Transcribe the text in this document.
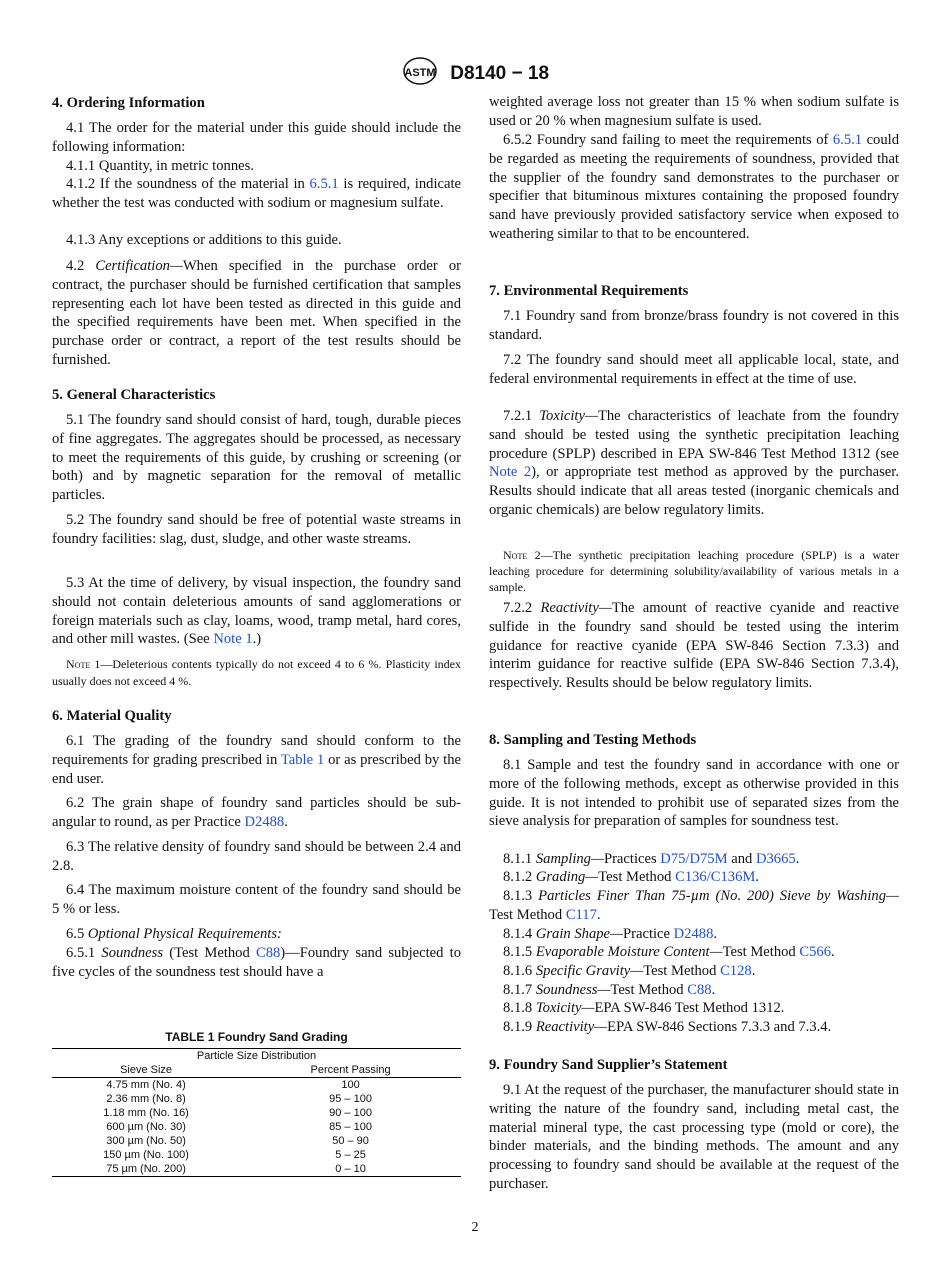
ASTM D8140 − 18

4. Ordering Information

4.1 The order for the material under this guide should include the following information:

4.1.1 Quantity, in metric tonnes.

4.1.2 If the soundness of the material in 6.5.1 is required, indicate whether the test was conducted with sodium or magnesium sulfate.

4.1.3 Any exceptions or additions to this guide.

4.2 Certification—When specified in the purchase order or contract, the purchaser should be furnished certification that samples representing each lot have been tested as directed in this guide and the specified requirements have been met. When specified in the purchase order or contract, a report of the test results should be furnished.

5. General Characteristics

5.1 The foundry sand should consist of hard, tough, durable pieces of fine aggregates. The aggregates should be processed, as necessary to meet the requirements of this guide, by crushing or screening (or both) and by magnetic separation for the removal of metallic particles.

5.2 The foundry sand should be free of potential waste streams in foundry facilities: slag, dust, sludge, and other waste streams.

5.3 At the time of delivery, by visual inspection, the foundry sand should not contain deleterious amounts of sand agglomerations or foreign materials such as clay, loams, wood, tramp metal, hard cores, and other mill wastes. (See Note 1.)

Note 1—Deleterious contents typically do not exceed 4 to 6 %. Plasticity index usually does not exceed 4 %.

6. Material Quality

6.1 The grading of the foundry sand should conform to the requirements for grading prescribed in Table 1 or as prescribed by the end user.

6.2 The grain shape of foundry sand particles should be sub-angular to round, as per Practice D2488.

6.3 The relative density of foundry sand should be between 2.4 and 2.8.

6.4 The maximum moisture content of the foundry sand should be 5 % or less.

6.5 Optional Physical Requirements:

6.5.1 Soundness (Test Method C88)—Foundry sand subjected to five cycles of the soundness test should have a

weighted average loss not greater than 15 % when sodium sulfate is used or 20 % when magnesium sulfate is used.

6.5.2 Foundry sand failing to meet the requirements of 6.5.1 could be regarded as meeting the requirements of soundness, provided that the supplier of the foundry sand demonstrates to the purchaser or specifier that bituminous mixtures containing the proposed foundry sand have previously provided satisfactory service when exposed to weathering similar to that to be encountered.

7. Environmental Requirements

7.1 Foundry sand from bronze/brass foundry is not covered in this standard.

7.2 The foundry sand should meet all applicable local, state, and federal environmental requirements in effect at the time of use.

7.2.1 Toxicity—The characteristics of leachate from the foundry sand should be tested using the synthetic precipitation leaching procedure (SPLP) described in EPA SW-846 Test Method 1312 (see Note 2), or appropriate test method as approved by the purchaser. Results should indicate that all areas tested (inorganic chemicals and organic chemicals) are below regulatory limits.

Note 2—The synthetic precipitation leaching procedure (SPLP) is a water leaching procedure for determining solubility/availability of various metals in a sample.

7.2.2 Reactivity—The amount of reactive cyanide and reactive sulfide in the foundry sand should be tested using the interim guidance for reactive cyanide (EPA SW-846 Section 7.3.3) and interim guidance for reactive sulfide (EPA SW-846 Section 7.3.4), respectively. Results should be below regulatory limits.

8. Sampling and Testing Methods

8.1 Sample and test the foundry sand in accordance with one or more of the following methods, except as otherwise provided in this guide. It is not intended to prohibit use of separated sizes from the sieve analysis for preparation of samples for soundness test.

8.1.1 Sampling—Practices D75/D75M and D3665.

8.1.2 Grading—Test Method C136/C136M.

8.1.3 Particles Finer Than 75-µm (No. 200) Sieve by Washing—Test Method C117.

8.1.4 Grain Shape—Practice D2488.

8.1.5 Evaporable Moisture Content—Test Method C566.

8.1.6 Specific Gravity—Test Method C128.

8.1.7 Soundness—Test Method C88.

8.1.8 Toxicity—EPA SW-846 Test Method 1312.

8.1.9 Reactivity—EPA SW-846 Sections 7.3.3 and 7.3.4.

9. Foundry Sand Supplier’s Statement

9.1 At the request of the purchaser, the manufacturer should state in writing the nature of the foundry sand, including metal cast, the material mineral type, the cast processing type (mold or core), the binder materials, and the binding methods. The amount and any processing to foundry sand should be available at the request of the purchaser.

TABLE 1 Foundry Sand Grading
Particle Size Distribution	
Sieve Size	Percent Passing
4.75 mm (No. 4)	100
2.36 mm (No. 8)	95 – 100
1.18 mm (No. 16)	90 – 100
600 µm (No. 30)	85 – 100
300 µm (No. 50)	50 – 90
150 µm (No. 100)	5 – 25
75 µm (No. 200)	0 – 10
2
